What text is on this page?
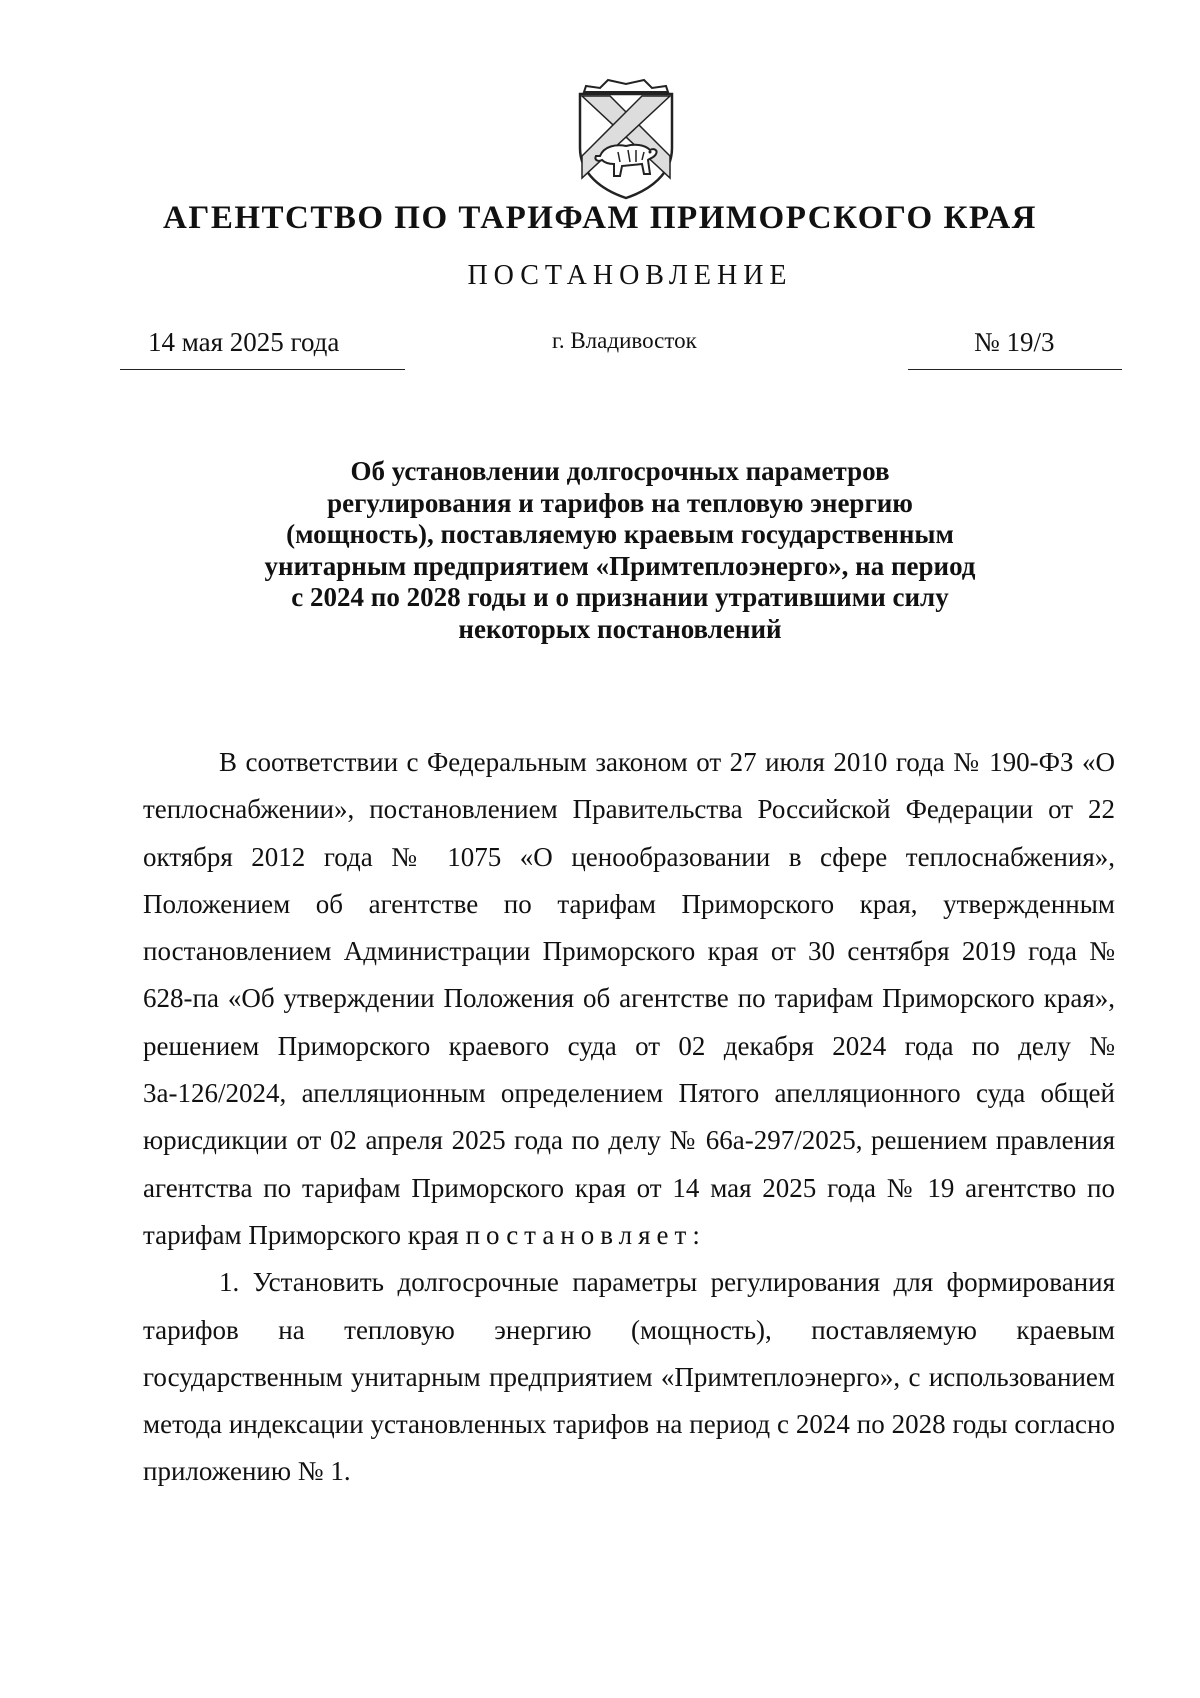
АГЕНТСТВО ПО ТАРИФАМ ПРИМОРСКОГО КРАЯ
ПОСТАНОВЛЕНИЕ
14 мая 2025 года	г. Владивосток	№ 19/3
Об установлении долгосрочных параметров регулирования и тарифов на тепловую энергию (мощность), поставляемую краевым государственным унитарным предприятием «Примтеплоэнерго», на период с 2024 по 2028 годы и о признании утратившими силу некоторых постановлений

В соответствии с Федеральным законом от 27 июля 2010 года № 190-ФЗ «О теплоснабжении», постановлением Правительства Российской Федерации от 22 октября 2012 года № 1075 «О ценообразовании в сфере теплоснабжения», Положением об агентстве по тарифам Приморского края, утвержденным постановлением Администрации Приморского края от 30 сентября 2019 года № 628-па «Об утверждении Положения об агентстве по тарифам Приморского края», решением Приморского краевого суда от 02 декабря 2024 года по делу № 3а-126/2024, апелляционным определением Пятого апелляционного суда общей юрисдикции от 02 апреля 2025 года по делу № 66а-297/2025, решением правления агентства по тарифам Приморского края от 14 мая 2025 года № 19 агентство по тарифам Приморского края постановляет:

1. Установить долгосрочные параметры регулирования для формирования тарифов на тепловую энергию (мощность), поставляемую краевым государственным унитарным предприятием «Примтеплоэнерго», с использованием метода индексации установленных тарифов на период с 2024 по 2028 годы согласно приложению № 1.
